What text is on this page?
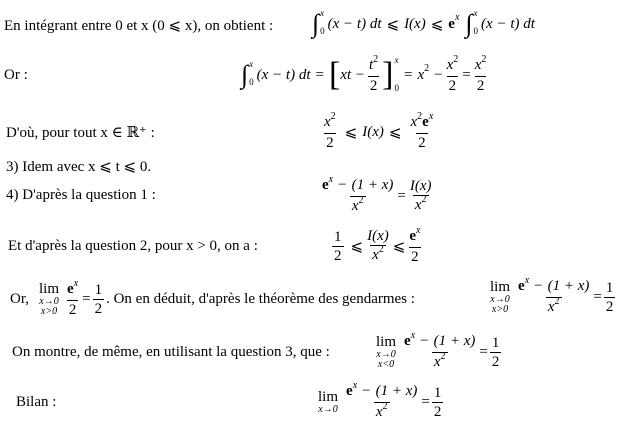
En intégrant entre 0 et x (0 ⩽ x), on obtient : ∫ x
0 (x − t) dt ⩽ I(x) ⩽ e x ∫ x
0 (x − t) dt
Or :	∫ x
0 (x − t) dt = [ xt − $\frac{t^2}{2}$ ] x
0
= x $2 - \frac{x^2}{2} = \frac{x^2}{2}$
D'où, pour tout x ∈ ℝ⁺ :	$\frac{x^2}{2}$ ⩽ I(x) ⩽ $\frac{x^2e^x}{2}$
3) Idem avec x ⩽ t ⩽ 0.
4) D'après la question 1 :	$\frac{e^x - (1 + x)}{x^2} = \frac{I(x)}{x^2}$
Et d'après la question 2, pour x > 0, on a :	$\frac{1}{2}$ ⩽ $\frac{I(x)}{x^2}$ ⩽ $\frac{e^x}{2}$
Or,
lim
x→0
$x>0 \frac{e^x}{2} = \frac{1}{2}$ . On en déduit, d'après le théorème des gendarmes :
lim
x→0
$x>0 \frac{e^x - (1 + x)}{x^2} = \frac{1}{2}$
On montre, de même, en utilisant la question 3, que :
lim
x→0
$x<0 \frac{e^x - (1 + x)}{x^2} = \frac{1}{2}$
Bilan :	lim
$x\to 0 \frac{e^x - (1 + x)}{x^2} = \frac{1}{2}$
